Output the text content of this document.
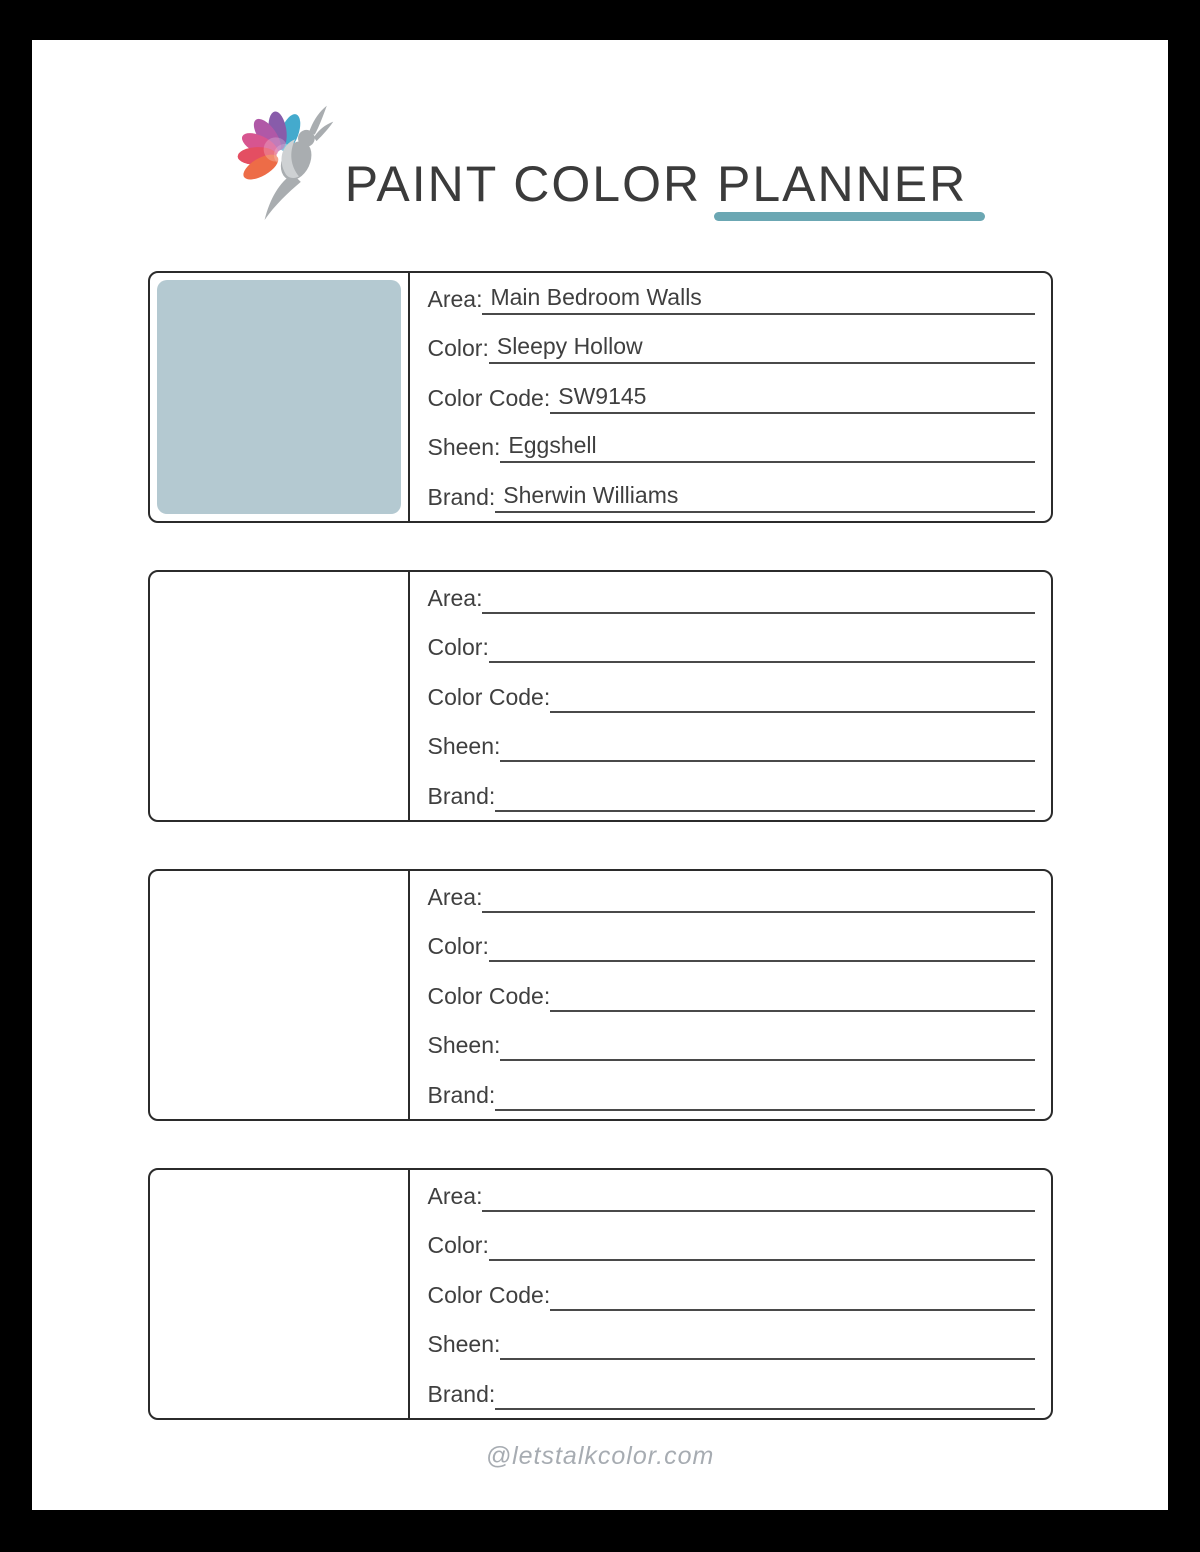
PAINT COLOR PLANNER
Area: Main Bedroom Walls
Color: Sleepy Hollow
Color Code: SW9145
Sheen: Eggshell
Brand: Sherwin Williams
Area:
Color:
Color Code:
Sheen:
Brand:
Area:
Color:
Color Code:
Sheen:
Brand:
Area:
Color:
Color Code:
Sheen:
Brand:
@letstalkcolor.com
